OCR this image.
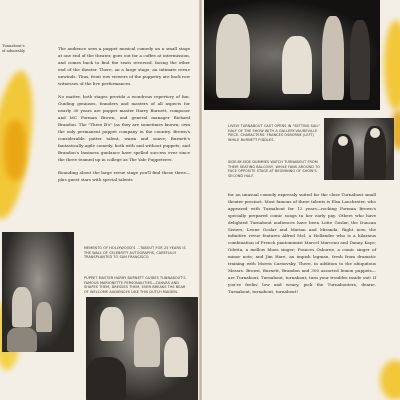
Tunnabout's
of admirably	The audience sees a puppet musical comedy on a small stage at one end of the theater, goes out for a coffee at intermission, and comes back to find the seats reversed, facing the other end of the theater. There, on a large stage, an intimate revue unwinds. Thus, front row viewers of the puppetry are back row witnesses of the live performances.

No matter, both stages provide a wondrous repertory of fun. Guiding geniuses, founders and masters of all aspects for nearly 30 years are puppet master Harry Burnett, composer and MC Forman Brown, and general manager Richard Brandon. The "Three B's" (as they are sometimes known, own the only permanent puppet company in the country. Brown's considerable patter talent, warm and suave; Burnett's fantastically agile comedy, both with and without puppets; and Brandon's business guidance have spelled success ever since the three teamed up in college as The Yale Puppeteers.

Bounding about the large revue stage you'll find these three—plus guest stars with special talents
MEMENTO OF HOLLYWOOD'S ...TABOUT FOR 25 YEARS IS THE WALL OF CELEBRITY AUTOGRAPHS, CAREFULLY TRANSPLANTED TO SAN FRANCISCO.
PUPPET MASTER HARRY BURNETT GUIDES TUNNABOUT'S FAMOUS MARIONETTE PERSONALITIES—CANVAS AND SHAPES THEM, DRESSES THEM, EVEN BREAKS THE BEAR OF WELCOME AUDIENCES LIKE THIS DUTCH MAIDEN.
LIVELY TURNABOUT CAST OPENS IN "SETTING SAIL" HALF OF THE SHOW WITH A GALLERY-VAUDEVILLE PIECE. CHARACTERS: FRANCES OSBORNE (LEFT) WHILE BURNETT FIDDLES.
SIDE-BY-SIDE DUMMIES WATCH TURNABOUT FROM THEIR SEATING BALCONY, WHILE FANS AROUND TO FACE OPPOSITE STAGE AT BEGINNING OF SHOW'S SECOND HALF.
for an unusual comedy expressly suited for the close Turnabout small theater precinct. Most famous of these talents is Elsa Lanchester, who appeared with Turnabout for 12 years—rocking Forman Brown's specially prepared comic songs in her early pay. Others who have delighted Turnabout audiences have been Lotte Goslar, the Duncan Sisters, Leone Goslar and Marian and Miranda. Right now, the infinitive revue features Alfred Mel, a Hollander who is a hilarious combination of French pantomimist Marcel Marceau and Danny Kaye; Odetta, a mellow blues singer; Frances Osborne, a comic singer of minor note; and Jim Hare, an impish legman, fresh from dramatic training with Morris Carnovsky. There, in addition to the ubiquitous Messrs. Brown, Burnett, Brandon and 300 assorted lemon puppets—are Turnabout, Turnabout, turnabout, turn your troubles inside out! If you're feelin' low and weary, pick the Turnabouters, dearie. Turnabout, turnabout, turnabout!
